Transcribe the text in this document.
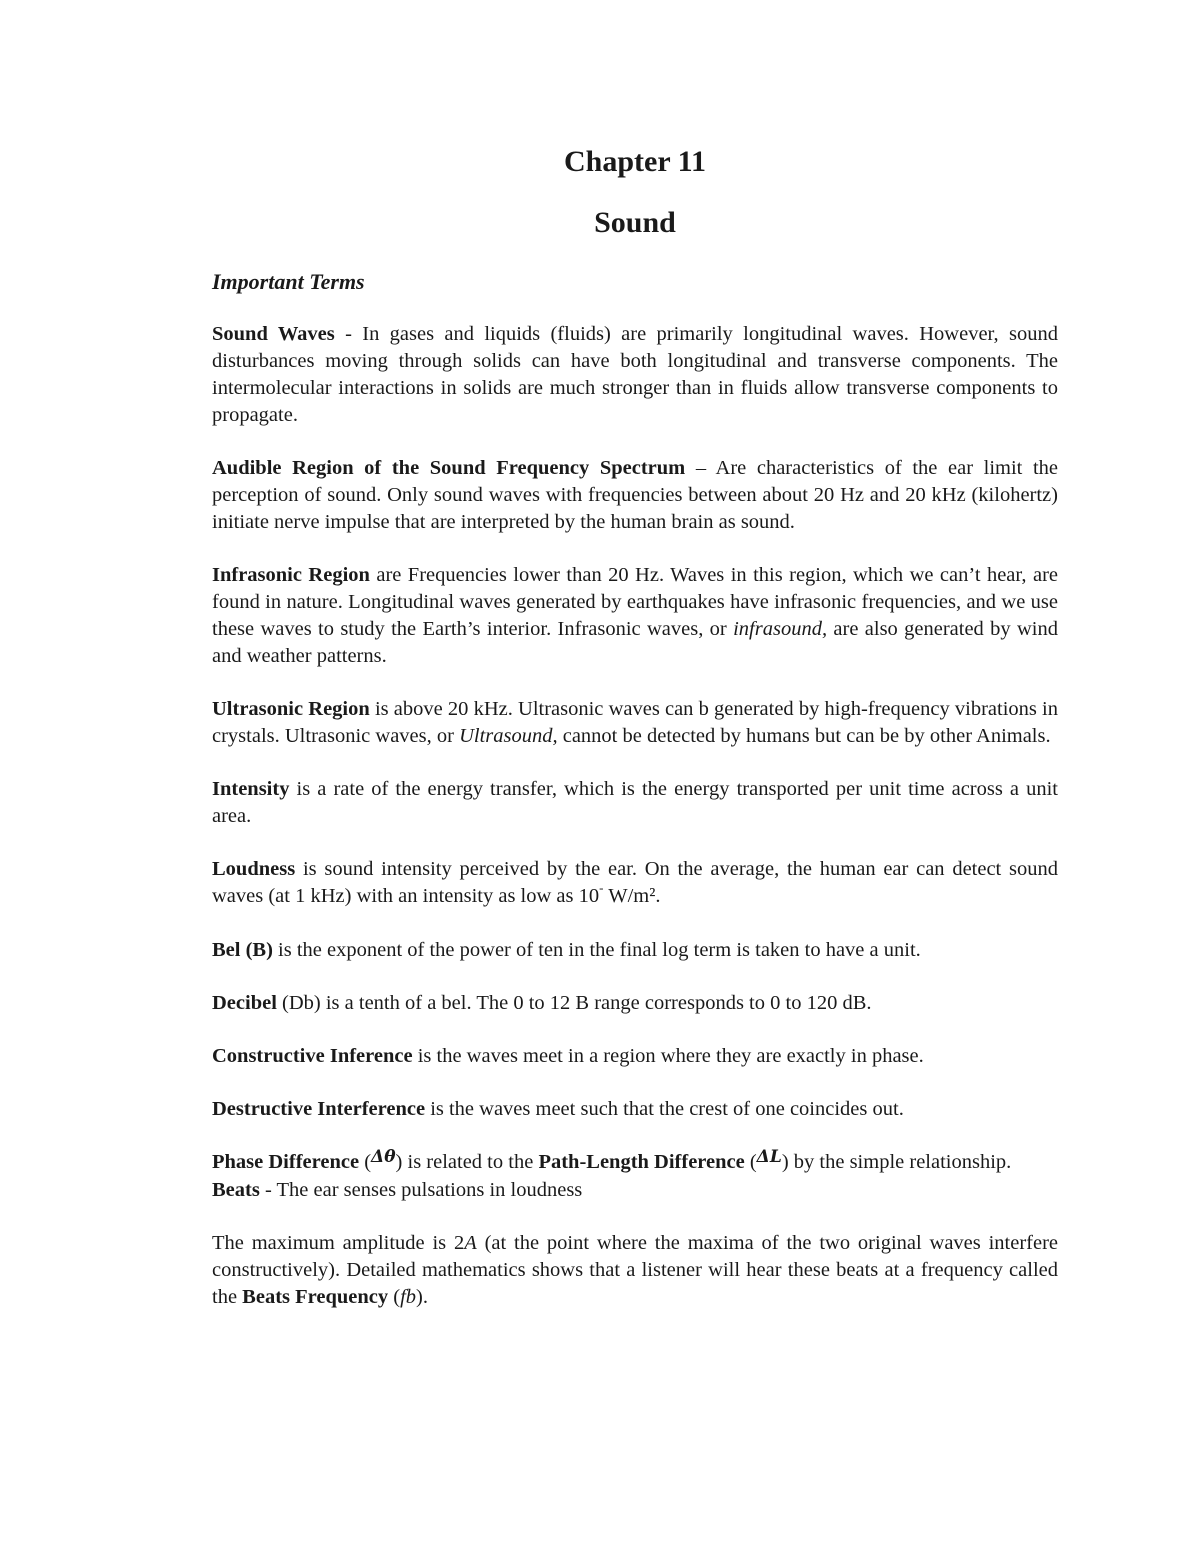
Chapter 11
Sound
Important Terms

Sound Waves - In gases and liquids (fluids) are primarily longitudinal waves. However, sound disturbances moving through solids can have both longitudinal and transverse components. The intermolecular interactions in solids are much stronger than in fluids allow transverse components to propagate.

Audible Region of the Sound Frequency Spectrum – Are characteristics of the ear limit the perception of sound. Only sound waves with frequencies between about 20 Hz and 20 kHz (kilohertz) initiate nerve impulse that are interpreted by the human brain as sound.

Infrasonic Region are Frequencies lower than 20 Hz. Waves in this region, which we can’t hear, are found in nature. Longitudinal waves generated by earthquakes have infrasonic frequencies, and we use these waves to study the Earth’s interior. Infrasonic waves, or infrasound, are also generated by wind and weather patterns.

Ultrasonic Region is above 20 kHz. Ultrasonic waves can b generated by high-frequency vibrations in crystals. Ultrasonic waves, or Ultrasound, cannot be detected by humans but can be by other Animals.

Intensity is a rate of the energy transfer, which is the energy transported per unit time across a unit area.

Loudness is sound intensity perceived by the ear. On the average, the human ear can detect sound waves (at 1 kHz) with an intensity as low as 10- W/m².

Bel (B) is the exponent of the power of ten in the final log term is taken to have a unit.

Decibel (Db) is a tenth of a bel. The 0 to 12 B range corresponds to 0 to 120 dB.

Constructive Inference is the waves meet in a region where they are exactly in phase.

Destructive Interference is the waves meet such that the crest of one coincides out.

Phase Difference ($^{\Delta\theta}$) is related to the Path-Length Difference ($^{\Delta L}$) by the simple relationship.

Beats - The ear senses pulsations in loudness

The maximum amplitude is 2A (at the point where the maxima of the two original waves interfere constructively). Detailed mathematics shows that a listener will hear these beats at a frequency called the Beats Frequency (fb).
